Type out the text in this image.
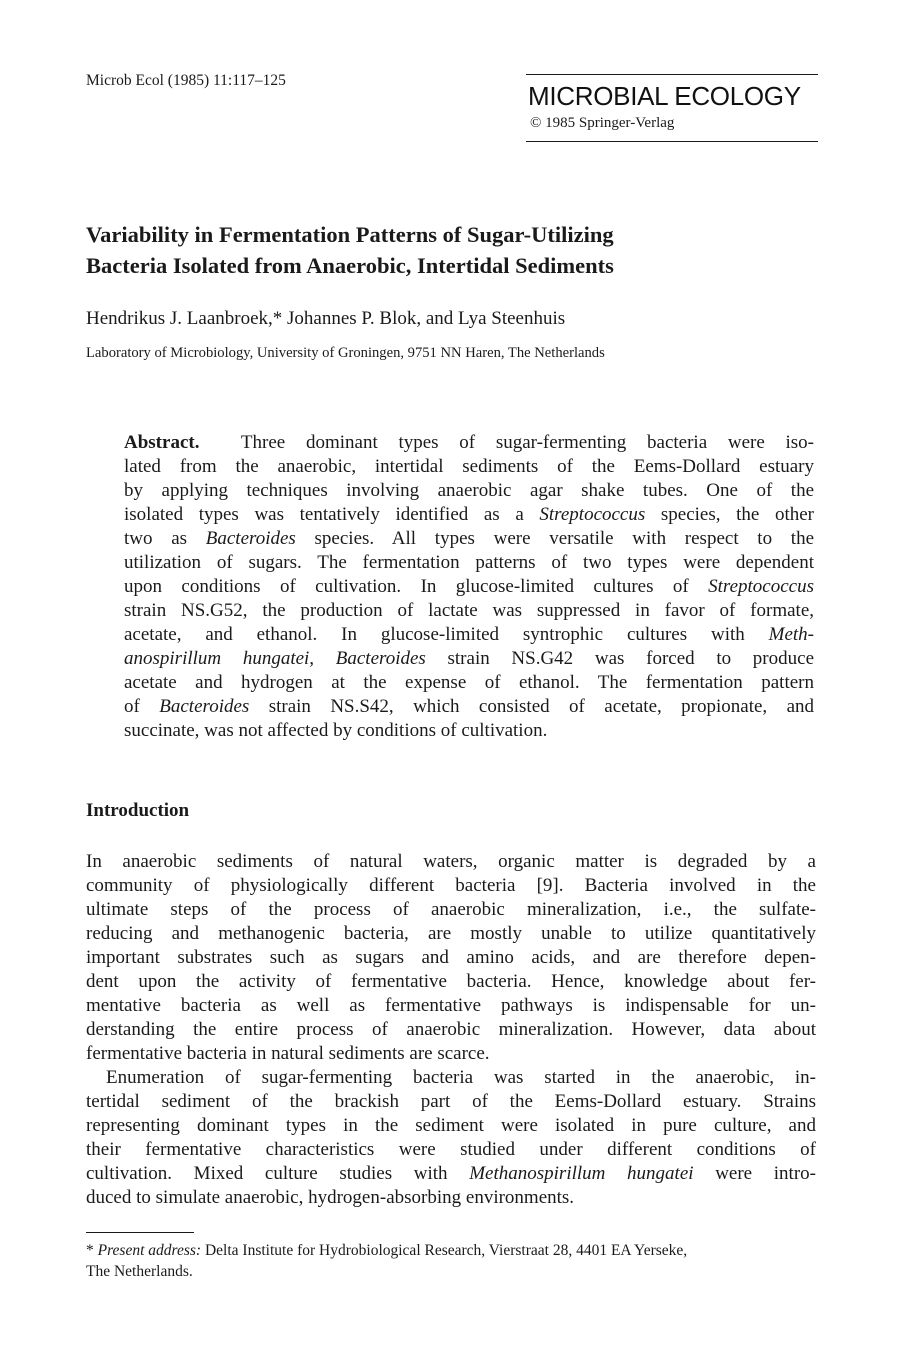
Microb Ecol (1985) 11:117–125
MICROBIAL ECOLOGY
© 1985 Springer-Verlag
Variability in Fermentation Patterns of Sugar-Utilizing
Bacteria Isolated from Anaerobic, Intertidal Sediments
Hendrikus J. Laanbroek,* Johannes P. Blok, and Lya Steenhuis
Laboratory of Microbiology, University of Groningen, 9751 NN Haren, The Netherlands
Abstract. Three dominant types of sugar-fermenting bacteria were iso-
lated from the anaerobic, intertidal sediments of the Eems-Dollard estuary
by applying techniques involving anaerobic agar shake tubes. One of the
isolated types was tentatively identified as a Streptococcus species, the other
two as Bacteroides species. All types were versatile with respect to the
utilization of sugars. The fermentation patterns of two types were dependent
upon conditions of cultivation. In glucose-limited cultures of Streptococcus
strain NS.G52, the production of lactate was suppressed in favor of formate,
acetate, and ethanol. In glucose-limited syntrophic cultures with Meth-
anospirillum hungatei, Bacteroides strain NS.G42 was forced to produce
acetate and hydrogen at the expense of ethanol. The fermentation pattern
of Bacteroides strain NS.S42, which consisted of acetate, propionate, and
succinate, was not affected by conditions of cultivation.
Introduction
In anaerobic sediments of natural waters, organic matter is degraded by a
community of physiologically different bacteria [9]. Bacteria involved in the
ultimate steps of the process of anaerobic mineralization, i.e., the sulfate-
reducing and methanogenic bacteria, are mostly unable to utilize quantitatively
important substrates such as sugars and amino acids, and are therefore depen-
dent upon the activity of fermentative bacteria. Hence, knowledge about fer-
mentative bacteria as well as fermentative pathways is indispensable for un-
derstanding the entire process of anaerobic mineralization. However, data about
fermentative bacteria in natural sediments are scarce.
Enumeration of sugar-fermenting bacteria was started in the anaerobic, in-
tertidal sediment of the brackish part of the Eems-Dollard estuary. Strains
representing dominant types in the sediment were isolated in pure culture, and
their fermentative characteristics were studied under different conditions of
cultivation. Mixed culture studies with Methanospirillum hungatei were intro-
duced to simulate anaerobic, hydrogen-absorbing environments.
* Present address: Delta Institute for Hydrobiological Research, Vierstraat 28, 4401 EA Yerseke,
The Netherlands.
